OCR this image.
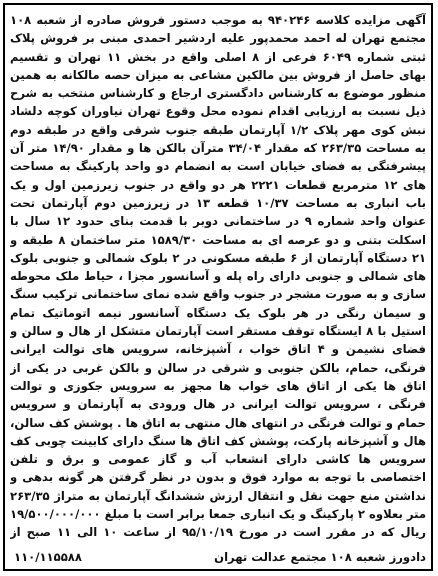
آگهی مزایده کلاسه ۹۴۰۲۴۶ به موجب دستور فروش صادره از شعبه ۱۰۸ مجتمع تهران له احمد محمدپور علیه اردشیر احمدی مبنی بر فروش پلاک ثبتی شماره ۶۰۴۹ فرعی از ۸ اصلی واقع در بخش ۱۱ تهران و تقسیم بهای حاصل از فروش بین مالکین مشاعی به میزان حصه مالکانه به همین منظور موضوع به کارشناس دادگستری ارجاع و کارشناس منتخب به شرح ذیل نسبت به ارزیابی اقدام نموده محل وقوع تهران نیاوران کوچه دلشاد نبش کوی مهر پلاک ۱/۲ آپارتمان طبقه جنوب شرقی واقع در طبقه دوم به مساحت ۲۶۳/۳۵ که مقدار ۳۴/۰۴ مترآن بالکن ها و مقدار ۱۴/۹۰ متر آن پیشرفتگی به فضای خیابان است به انضمام دو واحد پارکینگ به مساحت های ۱۲ مترمربع قطعات ۲۲۲۱ هر دو واقع در جنوب زیرزمین اول و یک باب انباری به مساحت ۱۰/۳۷ قطعه ۱۳ در زیرزمین دوم آپارتمان تحت عنوان واحد شماره ۹ در ساختمانی دوبر با قدمت بنای حدود ۱۲ سال با اسکلت بتنی و دو عرصه ای به مساحت ۱۵۸۹/۳۰ متر ساختمان ۸ طبقه و ۲۱ دستگاه آپارتمان از ۶ طبقه مسکونی در ۲ بلوک شمالی و جنوبی بلوک های شمالی و جنوبی دارای راه پله و آسانسور مجزا ، حیاط ملک محوطه سازی و به صورت مشجر در جنوب واقع شده نمای ساختمانی ترکیب سنگ و سیمان رنگی در هر بلوک یک دستگاه آسانسور نیمه اتوماتیک تمام استیل با ۸ ایستگاه توقف مستقر است آپارتمان متشکل از هال و سالن و فضای نشیمن و ۴ اتاق خواب ، آشپزخانه، سرویس های توالت ایرانی فرنگی، حمام، بالکن جنوبی و شرقی در سالن و بالکن غربی در یکی از اتاق ها یکی از اتاق های خواب ها مجهز به سرویس جکوزی و توالت فرنگی ، سرویس توالت ایرانی در هال ورودی به آپارتمان و سرویس حمام و توالت فرنگی در انتهای هال منتهی به اتاق ها . پوشش کف سالن، هال و آشپزخانه پارکت، پوشش کف اتاق ها سنگ دارای کابینت چوبی کف سرویس ها کاشی دارای انشعاب آب و گاز عمومی و برق و تلفن اختصاصی با توجه به موارد فوق و بدون در نظر گرفتن هر گونه بدهی و نداشتن منع جهت نقل و انتقال ارزش ششدانگ آپارتمان به متراژ ۲۶۳/۳۵ متر بعلاوه ۲ پارکینگ و یک انباری جمعا برابر است با مبلغ ۱۹/۵۰۰/۰۰۰/۰۰۰ ریال که در مقرر است در مورخ ۹۵/۱۰/۱۹ از ساعت ۱۰ الی ۱۱ صبح از
دادورز شعبه ۱۰۸ مجتمع عدالت تهران
۱۱۰/۱۱۵۵۸۸
